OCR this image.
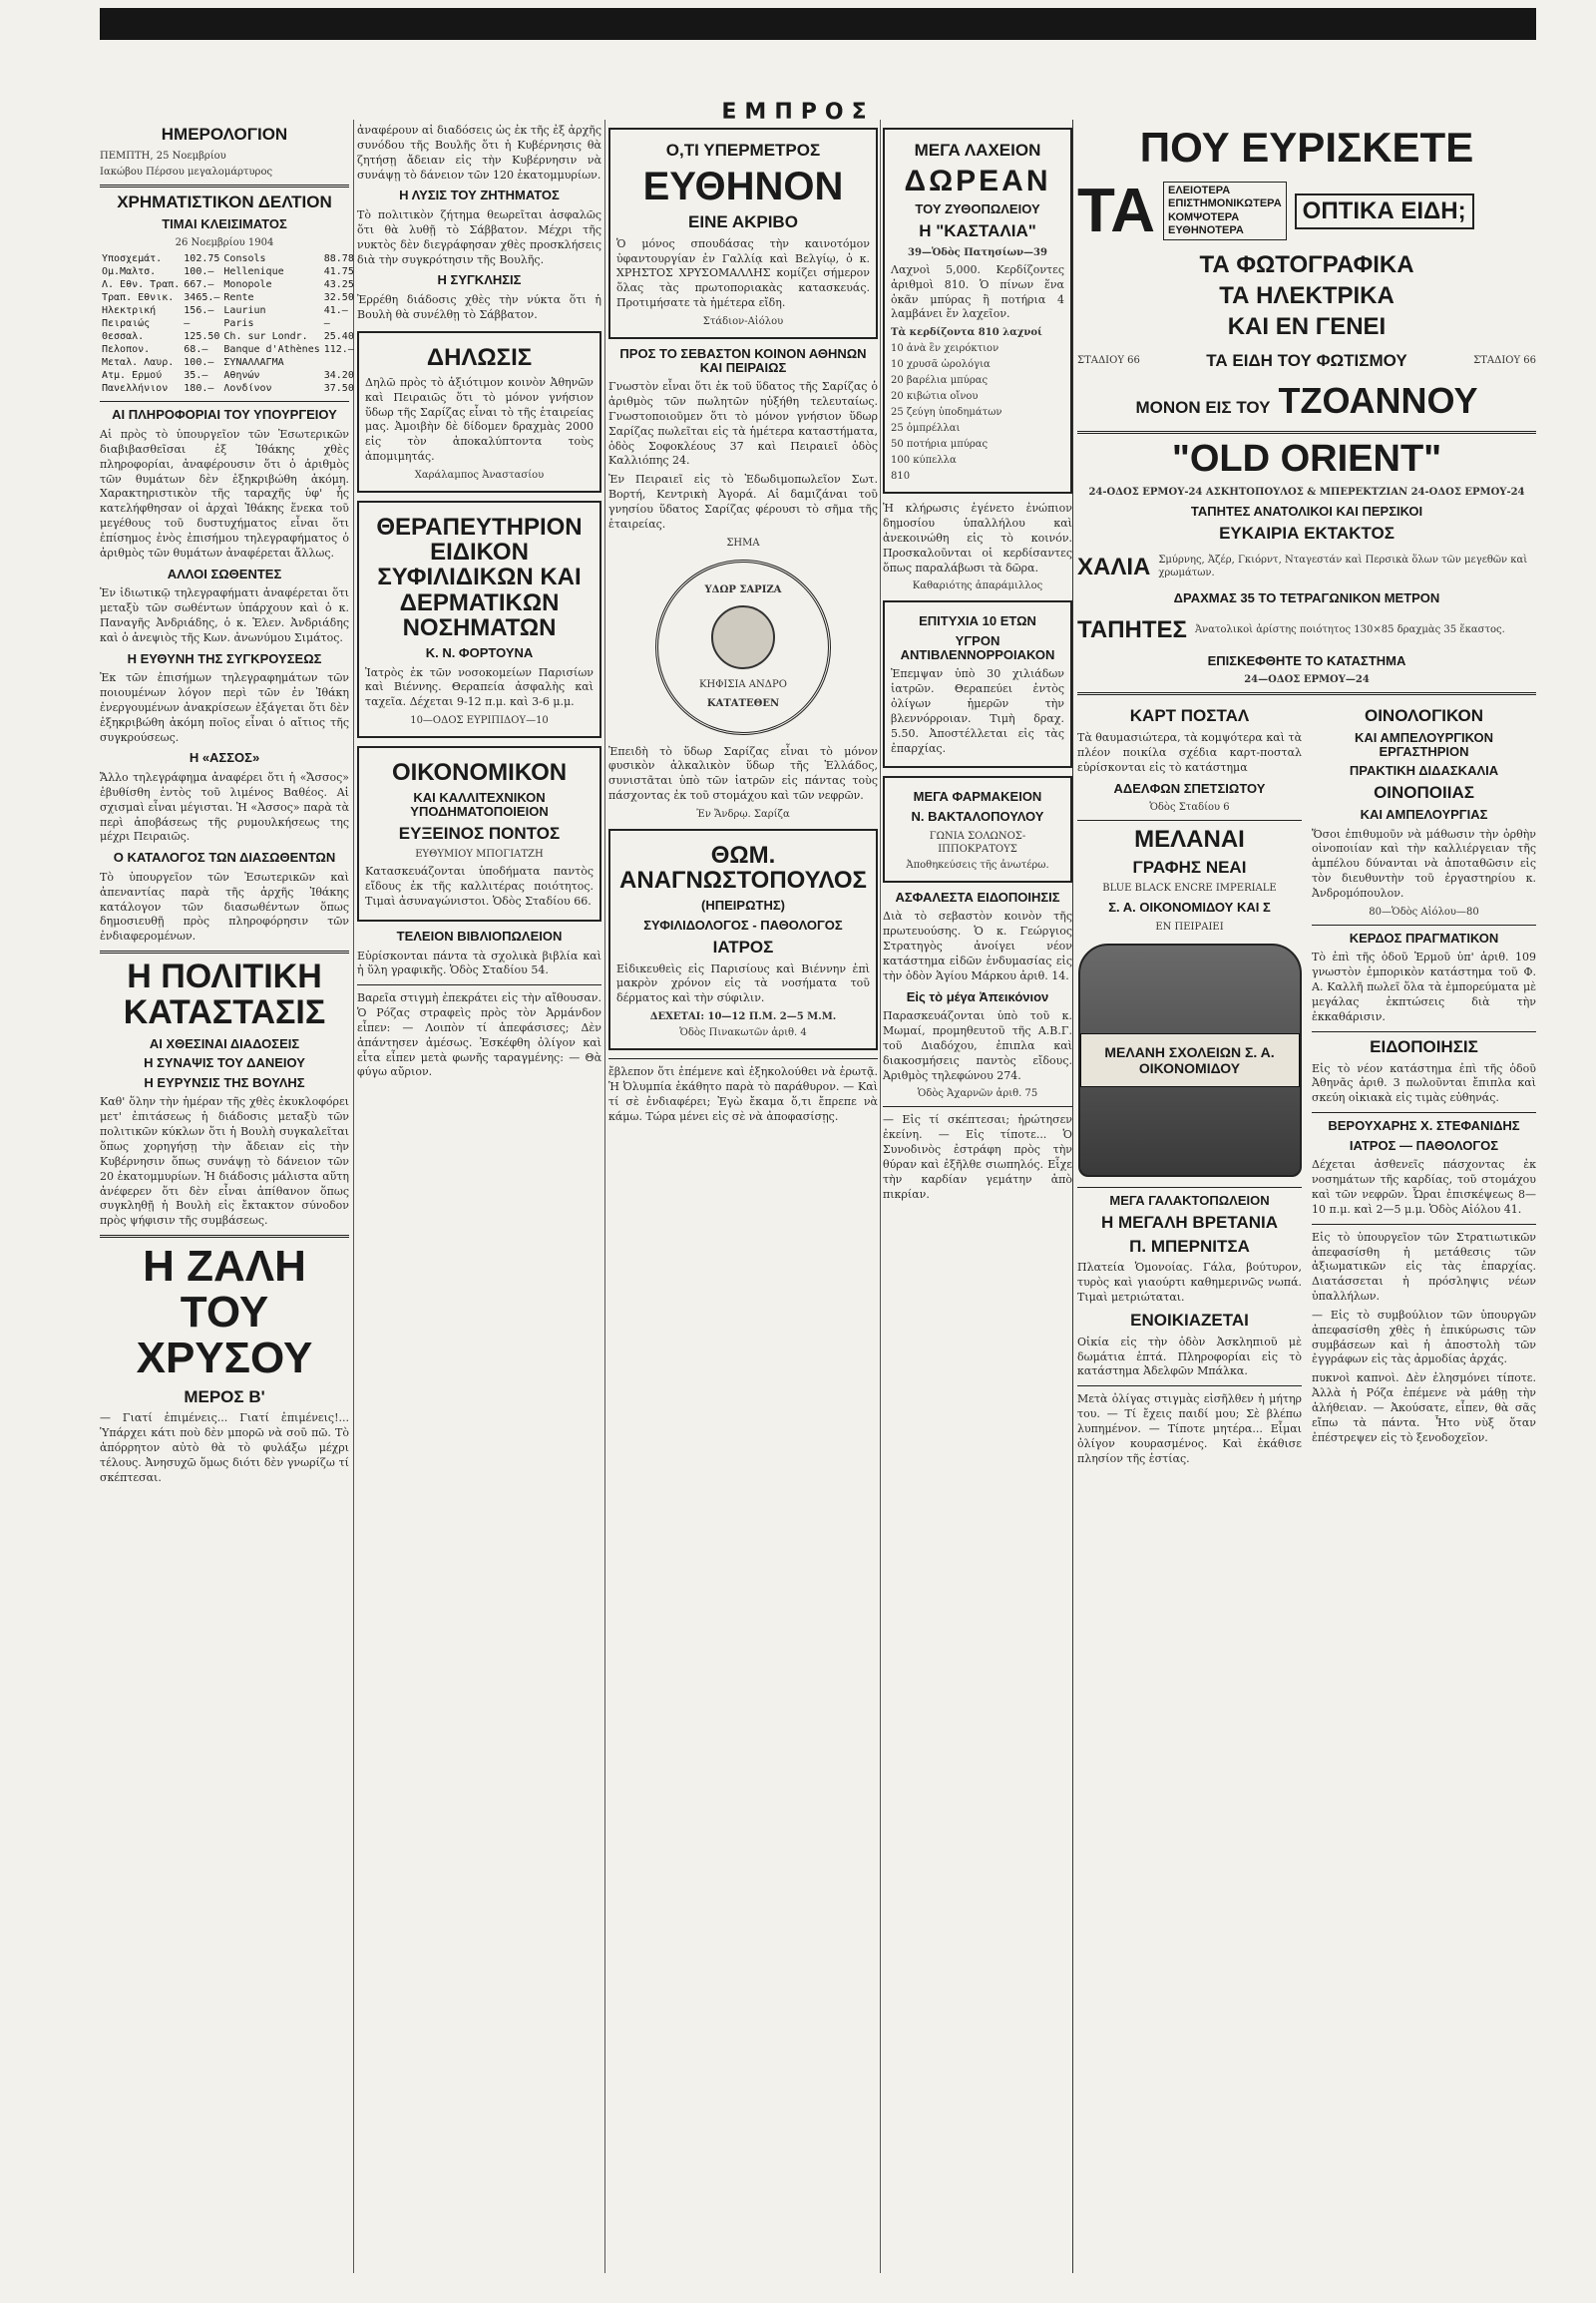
ΕΜΠΡΟΣ
ΗΜΕΡΟΛΟΓΙΟΝ
ΠΕΜΠΤΗ, 25 Νοεμβρίου
Ιακώβου Πέρσου μεγαλομάρτυρος
ΧΡΗΜΑΤΙΣΤΙΚΟΝ ΔΕΛΤΙΟΝ
ΤΙΜΑΙ ΚΛΕΙΣΙΜΑΤΟΣ
26 Νοεμβρίου 1904
Υποσχεμάτ.	102.75	Consols	88.78
Ομ.Μαλτσ.	100.—	Hellenique	41.75
Λ. Εθν. Τραπ.	667.—	Monopole	43.25
Τραπ. Εθνικ.	3465.—	Rente	32.50
Ηλεκτρική	156.—	Lauriun	41.—
Πειραιώς	—	Paris	—
Θεσσαλ.	125.50	Ch. sur Londr.	25.40
Πελοπον.	68.—	Banque d'Athènes	112.—
Μεταλ. Λαυρ.	100.—	ΣΥΝΑΛΛΑΓΜΑ	
Ατμ. Ερμού	35.—	Αθηνών	34.20
Πανελλήνιον	180.—	Λονδίνον	37.50
ΑΙ ΠΛΗΡΟΦΟΡΙΑΙ ΤΟΥ ΥΠΟΥΡΓΕΙΟΥ
Αἱ πρὸς τὸ ὑπουργεῖον τῶν Ἐσωτερικῶν διαβιβασθεῖσαι ἐξ Ἰθάκης χθὲς πληροφορίαι, ἀναφέρουσιν ὅτι ὁ ἀριθμὸς τῶν θυμάτων δὲν ἐξηκριβώθη ἀκόμη. Χαρακτηριστικὸν τῆς ταραχῆς ὑφ' ἧς κατελήφθησαν οἱ ἀρχαὶ Ἰθάκης ἕνεκα τοῦ μεγέθους τοῦ δυστυχήματος εἶναι ὅτι ἐπίσημος ἐνὸς ἐπισήμου τηλεγραφήματος ὁ ἀριθμὸς τῶν θυμάτων ἀναφέρεται ἄλλως.
ΑΛΛΟΙ ΣΩΘΕΝΤΕΣ
Ἐν ἰδιωτικῷ τηλεγραφήματι ἀναφέρεται ὅτι μεταξὺ τῶν σωθέντων ὑπάρχουν καὶ ὁ κ. Παναγῆς Ἀνδριάδης, ὁ κ. Ἑλεν. Ἀνδριάδης καὶ ὁ ἀνεψιὸς τῆς Κων. ἀνωνύμου Σιμάτος.
Η ΕΥΘΥΝΗ ΤΗΣ ΣΥΓΚΡΟΥΣΕΩΣ
Ἐκ τῶν ἐπισήμων τηλεγραφημάτων τῶν ποιουμένων λόγον περὶ τῶν ἐν Ἰθάκη ἐνεργουμένων ἀνακρίσεων ἐξάγεται ὅτι δὲν ἐξηκριβώθη ἀκόμη ποῖος εἶναι ὁ αἴτιος τῆς συγκρούσεως.
Η «ΑΣΣΟΣ»
Ἄλλο τηλεγράφημα ἀναφέρει ὅτι ἡ «Ἄσσος» ἐβυθίσθη ἐντὸς τοῦ λιμένος Βαθέος. Αἱ σχισμαὶ εἶναι μέγισται. Ἡ «Ἀσσος» παρὰ τὰ περὶ ἀποβάσεως τῆς ρυμουλκήσεως της μέχρι Πειραιῶς.
Ο ΚΑΤΑΛΟΓΟΣ ΤΩΝ ΔΙΑΣΩΘΕΝΤΩΝ
Τὸ ὑπουργεῖον τῶν Ἐσωτερικῶν καὶ ἀπεναντίας παρὰ τῆς ἀρχῆς Ἰθάκης κατάλογον τῶν διασωθέντων ὅπως δημοσιευθῇ πρὸς πληροφόρησιν τῶν ἐνδιαφερομένων.
Η ΠΟΛΙΤΙΚΗ ΚΑΤΑΣΤΑΣΙΣ
ΑΙ ΧΘΕΣΙΝΑΙ ΔΙΑΔΟΣΕΙΣ
Η ΣΥΝΑΨΙΣ ΤΟΥ ΔΑΝΕΙΟΥ
Η ΕΥΡΥΝΣΙΣ ΤΗΣ ΒΟΥΛΗΣ
Καθ' ὅλην τὴν ἡμέραν τῆς χθὲς ἐκυκλοφόρει μετ' ἐπιτάσεως ἡ διάδοσις μεταξὺ τῶν πολιτικῶν κύκλων ὅτι ἡ Βουλὴ συγκαλεῖται ὅπως χορηγήσῃ τὴν ἄδειαν εἰς τὴν Κυβέρνησιν ὅπως συνάψῃ τὸ δάνειον τῶν 20 ἑκατομμυρίων. Ἡ διάδοσις μάλιστα αὕτη ἀνέφερεν ὅτι δὲν εἶναι ἀπίθανον ὅπως συγκληθῇ ἡ Βουλὴ εἰς ἔκτακτον σύνοδον πρὸς ψήφισιν τῆς συμβάσεως.
Η ΖΑΛΗ ΤΟΥ ΧΡΥΣΟΥ
ΜΕΡΟΣ Β'
— Γιατί ἐπιμένεις... Γιατί ἐπιμένεις!... Ὑπάρχει κάτι ποὺ δὲν μπορῶ νὰ σοῦ πῶ. Τὸ ἀπόρρητον αὐτὸ θὰ τὸ φυλάξω μέχρι τέλους. Ἀνησυχῶ ὅμως διότι δὲν γνωρίζω τί σκέπτεσαι.
ἀναφέρουν αἱ διαδόσεις ὡς ἐκ τῆς ἐξ ἀρχῆς συνόδου τῆς Βουλῆς ὅτι ἡ Κυβέρνησις θὰ ζητήσῃ ἄδειαν εἰς τὴν Κυβέρνησιν νὰ συνάψῃ τὸ δάνειον τῶν 120 ἑκατομμυρίων.
Η ΛΥΣΙΣ ΤΟΥ ΖΗΤΗΜΑΤΟΣ
Τὸ πολιτικὸν ζήτημα θεωρεῖται ἀσφαλῶς ὅτι θὰ λυθῇ τὸ Σάββατον. Μέχρι τῆς νυκτὸς δὲν διεγράφησαν χθὲς προσκλήσεις διὰ τὴν συγκρότησιν τῆς Βουλῆς.
Η ΣΥΓΚΛΗΣΙΣ
Ἐρρέθη διάδοσις χθὲς τὴν νύκτα ὅτι ἡ Βουλὴ θὰ συνέλθῃ τὸ Σάββατον.
ΔΗΛΩΣΙΣ
Δηλῶ πρὸς τὸ ἀξιότιμον κοινὸν Ἀθηνῶν καὶ Πειραιῶς ὅτι τὸ μόνον γνήσιον ὕδωρ τῆς Σαρίζας εἶναι τὸ τῆς ἑταιρείας μας. Ἀμοιβὴν δὲ δίδομεν δραχμὰς 2000 εἰς τὸν ἀποκαλύπτοντα τοὺς ἀπομιμητάς.
Χαράλαμπος Ἀναστασίου
ΘΕΡΑΠΕΥΤΗΡΙΟΝ ΕΙΔΙΚΟΝ ΣΥΦΙΛΙΔΙΚΩΝ ΚΑΙ ΔΕΡΜΑΤΙΚΩΝ ΝΟΣΗΜΑΤΩΝ
Κ. Ν. ΦΟΡΤΟΥΝΑ
Ἰατρὸς ἐκ τῶν νοσοκομείων Παρισίων καὶ Βιέννης. Θεραπεία ἀσφαλὴς καὶ ταχεῖα. Δέχεται 9-12 π.μ. καὶ 3-6 μ.μ.
10—ΟΔΟΣ ΕΥΡΙΠΙΔΟΥ—10
ΟΙΚΟΝΟΜΙΚΟΝ
ΚΑΙ ΚΑΛΛΙΤΕΧΝΙΚΟΝ ΥΠΟΔΗΜΑΤΟΠΟΙΕΙΟΝ
ΕΥΞΕΙΝΟΣ ΠΟΝΤΟΣ
ΕΥΘΥΜΙΟΥ ΜΠΟΓΙΑΤΖΗ
Κατασκευάζονται ὑποδήματα παντὸς εἴδους ἐκ τῆς καλλιτέρας ποιότητος. Τιμαὶ ἀσυναγώνιστοι. Ὁδὸς Σταδίου 66.
ΤΕΛΕΙΟΝ ΒΙΒΛΙΟΠΩΛΕΙΟΝ
Εὑρίσκονται πάντα τὰ σχολικὰ βιβλία καὶ ἡ ὕλη γραφικῆς. Ὁδὸς Σταδίου 54.
Βαρεῖα στιγμὴ ἐπεκράτει εἰς τὴν αἴθουσαν. Ὁ Ρόζας στραφεὶς πρὸς τὸν Ἀρμάνδον εἶπεν: — Λοιπὸν τί ἀπεφάσισες; Δὲν ἀπάντησεν ἀμέσως. Ἐσκέφθη ὀλίγον καὶ εἶτα εἶπεν μετὰ φωνῆς ταραγμένης: — Θὰ φύγω αὔριον.
Ο,ΤΙ ΥΠΕΡΜΕΤΡΟΣ
ΕΥΘΗΝΟΝ
ΕΙΝΕ ΑΚΡΙΒΟ
Ὁ μόνος σπουδάσας τὴν καινοτόμον ὑφαντουργίαν ἐν Γαλλίᾳ καὶ Βελγίῳ, ὁ κ. ΧΡΗΣΤΟΣ ΧΡΥΣΟΜΑΛΛΗΣ κομίζει σήμερον ὅλας τὰς πρωτοποριακὰς κατασκευάς. Προτιμήσατε τὰ ἡμέτερα εἴδη.
Στάδιον-Αἰόλου
ΠΡΟΣ ΤΟ ΣΕΒΑΣΤΟΝ ΚΟΙΝΟΝ ΑΘΗΝΩΝ ΚΑΙ ΠΕΙΡΑΙΩΣ
Γνωστὸν εἶναι ὅτι ἐκ τοῦ ὕδατος τῆς Σαρίζας ὁ ἀριθμὸς τῶν πωλητῶν ηὐξήθη τελευταίως. Γνωστοποιοῦμεν ὅτι τὸ μόνον γνήσιον ὕδωρ Σαρίζας πωλεῖται εἰς τὰ ἡμέτερα καταστήματα, ὁδὸς Σοφοκλέους 37 καὶ Πειραιεῖ ὁδὸς Καλλιόπης 24.
Ἐν Πειραιεῖ εἰς τὸ Ἐδωδιμοπωλεῖον Σωτ. Βορτή, Κεντρικὴ Ἀγορά. Αἱ δαμιζάναι τοῦ γνησίου ὕδατος Σαρίζας φέρουσι τὸ σῆμα τῆς ἑταιρείας.
ΣΗΜΑ
ΥΔΩΡ ΣΑΡΙΖΑ
ΚΗΦΙΣΙΑ ΑΝΔΡΟ
ΚΑΤΑΤΕΘΕΝ
Ἐπειδὴ τὸ ὕδωρ Σαρίζας εἶναι τὸ μόνον φυσικὸν ἀλκαλικὸν ὕδωρ τῆς Ἑλλάδος, συνιστᾶται ὑπὸ τῶν ἰατρῶν εἰς πάντας τοὺς πάσχοντας ἐκ τοῦ στομάχου καὶ τῶν νεφρῶν.
Ἐν Ἄνδρῳ. Σαρίζα
ΘΩΜ. ΑΝΑΓΝΩΣΤΟΠΟΥΛΟΣ
(ΗΠΕΙΡΩΤΗΣ)
ΣΥΦΙΛΙΔΟΛΟΓΟΣ - ΠΑΘΟΛΟΓΟΣ
ΙΑΤΡΟΣ
Εἰδικευθεὶς εἰς Παρισίους καὶ Βιέννην ἐπὶ μακρὸν χρόνον εἰς τὰ νοσήματα τοῦ δέρματος καὶ τὴν σύφιλιν.
ΔΕΧΕΤΑΙ: 10—12 Π.Μ. 2—5 Μ.Μ.
Ὁδὸς Πινακωτῶν ἀριθ. 4
ἔβλεπον ὅτι ἐπέμενε καὶ ἐξηκολούθει νὰ ἐρωτᾷ. Ἡ Ὀλυμπία ἐκάθητο παρὰ τὸ παράθυρον. — Καὶ τί σὲ ἐνδιαφέρει; Ἐγὼ ἔκαμα ὅ,τι ἔπρεπε νὰ κάμω. Τώρα μένει εἰς σὲ νὰ ἀποφασίσῃς.
ΜΕΓΑ ΛΑΧΕΙΟΝ
ΔΩΡΕΑΝ
ΤΟΥ ΖΥΘΟΠΩΛΕΙΟΥ
Η "ΚΑΣΤΑΛΙΑ"
39—Ὁδὸς Πατησίων—39
Λαχνοὶ 5,000. Κερδίζοντες ἀριθμοὶ 810. Ὁ πίνων ἕνα ὀκᾶν μπύρας ἢ ποτήρια 4 λαμβάνει ἕν λαχεῖον.
Τὰ κερδίζοντα 810 λαχνοί
10 ἀνὰ ἓν χειρόκτιον
10 χρυσᾶ ὡρολόγια
20 βαρέλια μπύρας
20 κιβώτια οἴνου
25 ζεύγη ὑποδημάτων
25 ὀμπρέλλαι
50 ποτήρια μπύρας
100 κύπελλα
810
Ἡ κλήρωσις ἐγένετο ἐνώπιον δημοσίου ὑπαλλήλου καὶ ἀνεκοινώθη εἰς τὸ κοινόν. Προσκαλοῦνται οἱ κερδίσαντες ὅπως παραλάβωσι τὰ δῶρα.
Καθαριότης ἀπαράμιλλος
ΕΠΙΤΥΧΙΑ 10 ΕΤΩΝ
ΥΓΡΟΝ ΑΝΤΙΒΛΕΝΝΟΡΡΟΙΑΚΟΝ
Ἐπεμψαν ὑπὸ 30 χιλιάδων ἰατρῶν. Θεραπεύει ἐντὸς ὀλίγων ἡμερῶν τὴν βλεννόρροιαν. Τιμὴ δραχ. 5.50. Ἀποστέλλεται εἰς τὰς ἐπαρχίας.
ΜΕΓΑ ΦΑΡΜΑΚΕΙΟΝ
Ν. ΒΑΚΤΑΛΟΠΟΥΛΟΥ
ΓΩΝΙΑ ΣΟΛΩΝΟΣ-ΙΠΠΟΚΡΑΤΟΥΣ
Ἀποθηκεύσεις τῆς ἀνωτέρω.
ΑΣΦΑΛΕΣΤΑ ΕΙΔΟΠΟΙΗΣΙΣ
Διὰ τὸ σεβαστὸν κοινὸν τῆς πρωτευούσης. Ὁ κ. Γεώργιος Στρατηγὸς ἀνοίγει νέον κατάστημα εἰδῶν ἐνδυμασίας εἰς τὴν ὁδὸν Ἁγίου Μάρκου ἀριθ. 14.
Εἰς τὸ μέγα Ἀπεικόνιον
Παρασκευάζονται ὑπὸ τοῦ κ. Μωμαί, προμηθευτοῦ τῆς Α.Β.Γ. τοῦ Διαδόχου, ἐπιπλα καὶ διακοσμήσεις παντὸς εἴδους. Ἀριθμὸς τηλεφώνου 274.
Ὁδὸς Ἀχαρνῶν ἀριθ. 75
— Εἰς τί σκέπτεσαι; ἠρώτησεν ἐκείνη. — Εἰς τίποτε... Ὁ Συνοδινὸς ἐστράφη πρὸς τὴν θύραν καὶ ἐξῆλθε σιωπηλός. Εἶχε τὴν καρδίαν γεμάτην ἀπὸ πικρίαν.
ΠΟΥ ΕΥΡΙΣΚΕΤΕ
ΤΑ ΕΛΕΙΟΤΕΡΑ
ΕΠΙΣΤΗΜΟΝΙΚΩΤΕΡΑ
ΚΟΜΨΟΤΕΡΑ
ΕΥΘΗΝΟΤΕΡΑ
ΟΠΤΙΚΑ ΕΙΔΗ;
ΤΑ ΦΩΤΟΓΡΑΦΙΚΑ
ΤΑ ΗΛΕΚΤΡΙΚΑ
ΚΑΙ ΕΝ ΓΕΝΕΙ
ΣΤΑΔΙΟΥ 66	ΤΑ ΕΙΔΗ ΤΟΥ ΦΩΤΙΣΜΟΥ	ΣΤΑΔΙΟΥ 66
ΜΟΝΟΝ ΕΙΣ ΤΟΥ ΤΖΟΑΝΝΟΥ
"OLD ORIENT"
24-ΟΔΟΣ ΕΡΜΟΥ-24 ΑΣΚΗΤΟΠΟΥΛΟΣ & ΜΠΕΡΕΚΤΖΙΑΝ 24-ΟΔΟΣ ΕΡΜΟΥ-24
ΤΑΠΗΤΕΣ ΑΝΑΤΟΛΙΚΟΙ ΚΑΙ ΠΕΡΣΙΚΟΙ
ΕΥΚΑΙΡΙΑ ΕΚΤΑΚΤΟΣ
ΧΑΛΙΑ Σμύρνης, Ἀζέρ, Γκιόρντ, Νταγεστάν καὶ Περσικὰ ὅλων τῶν μεγεθῶν καὶ χρωμάτων.
ΔΡΑΧΜΑΣ 35 ΤΟ ΤΕΤΡΑΓΩΝΙΚΟΝ ΜΕΤΡΟΝ
ΤΑΠΗΤΕΣ Ἀνατολικοὶ ἀρίστης ποιότητος 130×85 δραχμὰς 35 ἕκαστος.
ΕΠΙΣΚΕΦΘΗΤΕ ΤΟ ΚΑΤΑΣΤΗΜΑ
24—ΟΔΟΣ ΕΡΜΟΥ—24
ΚΑΡΤ ΠΟΣΤΑΛ
Τὰ θαυμασιώτερα, τὰ κομψότερα καὶ τὰ πλέον ποικίλα σχέδια καρτ-ποσταλ εὑρίσκονται εἰς τὸ κατάστημα
ΑΔΕΛΦΩΝ ΣΠΕΤΣΙΩΤΟΥ
Ὁδὸς Σταδίου 6
ΜΕΛΑΝΑΙ
ΓΡΑΦΗΣ ΝΕΑΙ
BLUE BLACK ENCRE IMPERIALE
Σ. Α. ΟΙΚΟΝΟΜΙΔΟΥ ΚΑΙ Σ
ΕΝ ΠΕΙΡΑΙΕΙ
ΜΕΛΑΝΗ ΣΧΟΛΕΙΩΝ Σ. Α. ΟΙΚΟΝΟΜΙΔΟΥ
ΜΕΓΑ ΓΑΛΑΚΤΟΠΩΛΕΙΟΝ
Η ΜΕΓΑΛΗ ΒΡΕΤΑΝΙΑ
Π. ΜΠΕΡΝΙΤΣΑ
Πλατεία Ὁμονοίας. Γάλα, βούτυρον, τυρὸς καὶ γιαούρτι καθημερινῶς νωπά. Τιμαὶ μετριώταται.
ΕΝΟΙΚΙΑΖΕΤΑΙ
Οἰκία εἰς τὴν ὁδὸν Ἀσκληπιοῦ μὲ δωμάτια ἑπτά. Πληροφορίαι εἰς τὸ κατάστημα Ἀδελφῶν Μπάλκα.
Μετὰ ὀλίγας στιγμὰς εἰσῆλθεν ἡ μήτηρ του. — Τί ἔχεις παιδί μου; Σὲ βλέπω λυπημένον. — Τίποτε μητέρα... Εἶμαι ὀλίγον κουρασμένος. Καὶ ἐκάθισε πλησίον τῆς ἑστίας.
ΟΙΝΟΛΟΓΙΚΟΝ
ΚΑΙ ΑΜΠΕΛΟΥΡΓΙΚΟΝ ΕΡΓΑΣΤΗΡΙΟΝ
ΠΡΑΚΤΙΚΗ ΔΙΔΑΣΚΑΛΙΑ
ΟΙΝΟΠΟΙΙΑΣ
ΚΑΙ ΑΜΠΕΛΟΥΡΓΙΑΣ
Ὅσοι ἐπιθυμοῦν νὰ μάθωσιν τὴν ὀρθὴν οἰνοποιίαν καὶ τὴν καλλιέργειαν τῆς ἀμπέλου δύνανται νὰ ἀποταθῶσιν εἰς τὸν διευθυντὴν τοῦ ἐργαστηρίου κ. Ἀνδρομόπουλον.
80—Ὁδὸς Αἰόλου—80
ΚΕΡΔΟΣ ΠΡΑΓΜΑΤΙΚΟΝ
Τὸ ἐπὶ τῆς ὁδοῦ Ἑρμοῦ ὑπ' ἀριθ. 109 γνωστὸν ἐμπορικὸν κατάστημα τοῦ Φ. Α. Καλλῆ πωλεῖ ὅλα τὰ ἐμπορεύματα μὲ μεγάλας ἐκπτώσεις διὰ τὴν ἐκκαθάρισιν.
ΕΙΔΟΠΟΙΗΣΙΣ
Εἰς τὸ νέον κατάστημα ἐπὶ τῆς ὁδοῦ Ἀθηνᾶς ἀριθ. 3 πωλοῦνται ἔπιπλα καὶ σκεύη οἰκιακὰ εἰς τιμὰς εὐθηνάς.
ΒΕΡΟΥΧΑΡΗΣ Χ. ΣΤΕΦΑΝΙΔΗΣ
ΙΑΤΡΟΣ — ΠΑΘΟΛΟΓΟΣ
Δέχεται ἀσθενεῖς πάσχοντας ἐκ νοσημάτων τῆς καρδίας, τοῦ στομάχου καὶ τῶν νεφρῶν. Ὧραι ἐπισκέψεως 8—10 π.μ. καὶ 2—5 μ.μ. Ὁδὸς Αἰόλου 41.
Εἰς τὸ ὑπουργεῖον τῶν Στρατιωτικῶν ἀπεφασίσθη ἡ μετάθεσις τῶν ἀξιωματικῶν εἰς τὰς ἐπαρχίας. Διατάσσεται ἡ πρόσληψις νέων ὑπαλλήλων.
— Εἰς τὸ συμβούλιον τῶν ὑπουργῶν ἀπεφασίσθη χθὲς ἡ ἐπικύρωσις τῶν συμβάσεων καὶ ἡ ἀποστολὴ τῶν ἐγγράφων εἰς τὰς ἀρμοδίας ἀρχάς.
πυκνοὶ καπνοὶ. Δὲν ἐλησμόνει τίποτε. Ἀλλὰ ἡ Ρόζα ἐπέμενε νὰ μάθῃ τὴν ἀλήθειαν. — Ἀκούσατε, εἶπεν, θὰ σᾶς εἴπω τὰ πάντα. Ἦτο νὺξ ὅταν ἐπέστρεψεν εἰς τὸ ξενοδοχεῖον.
